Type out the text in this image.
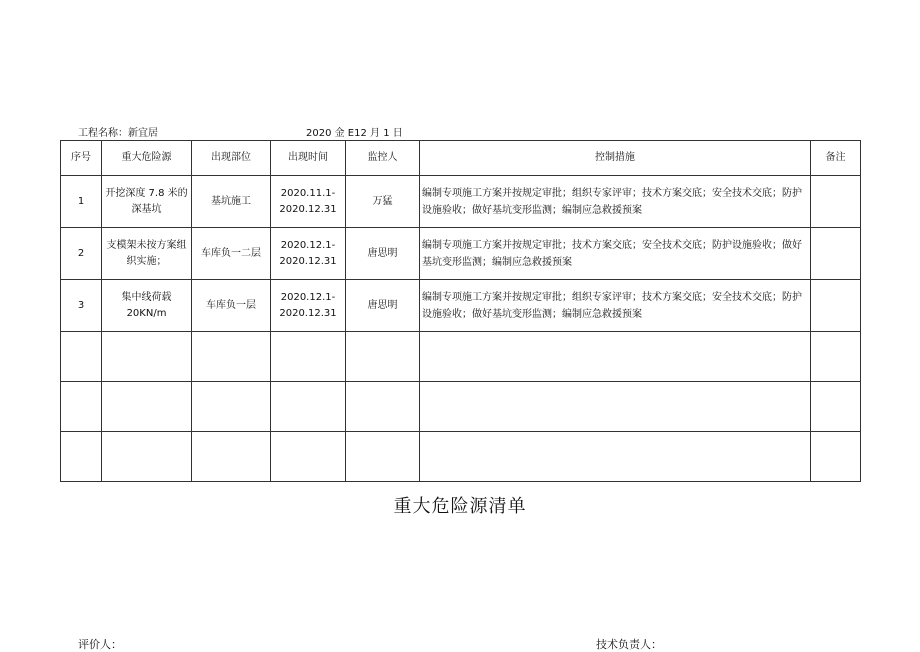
工程名称：新宜居	2020 金 E12 月 1 日
序号	重大危险源	出现部位	出现时间	监控人	控制措施	备注
1	开挖深度 7.8 米的深基坑	基坑施工	2020.11.1-2020.12.31	万猛	编制专项施工方案并按规定审批；组织专家评审；技术方案交底；安全技术交底；防护设施验收；做好基坑变形监测；编制应急救援预案	
2	支模架未按方案组织实施；	车库负一二层	2020.12.1-2020.12.31	唐思明	编制专项施工方案并按规定审批；技术方案交底；安全技术交底；防护设施验收；做好基坑变形监测；编制应急救援预案	
3	集中线荷载 20KN/m	车库负一层	2020.12.1-2020.12.31	唐思明	编制专项施工方案并按规定审批；组织专家评审；技术方案交底；安全技术交底；防护设施验收；做好基坑变形监测；编制应急救援预案	

重大危险源清单
评价人：	技术负责人：
